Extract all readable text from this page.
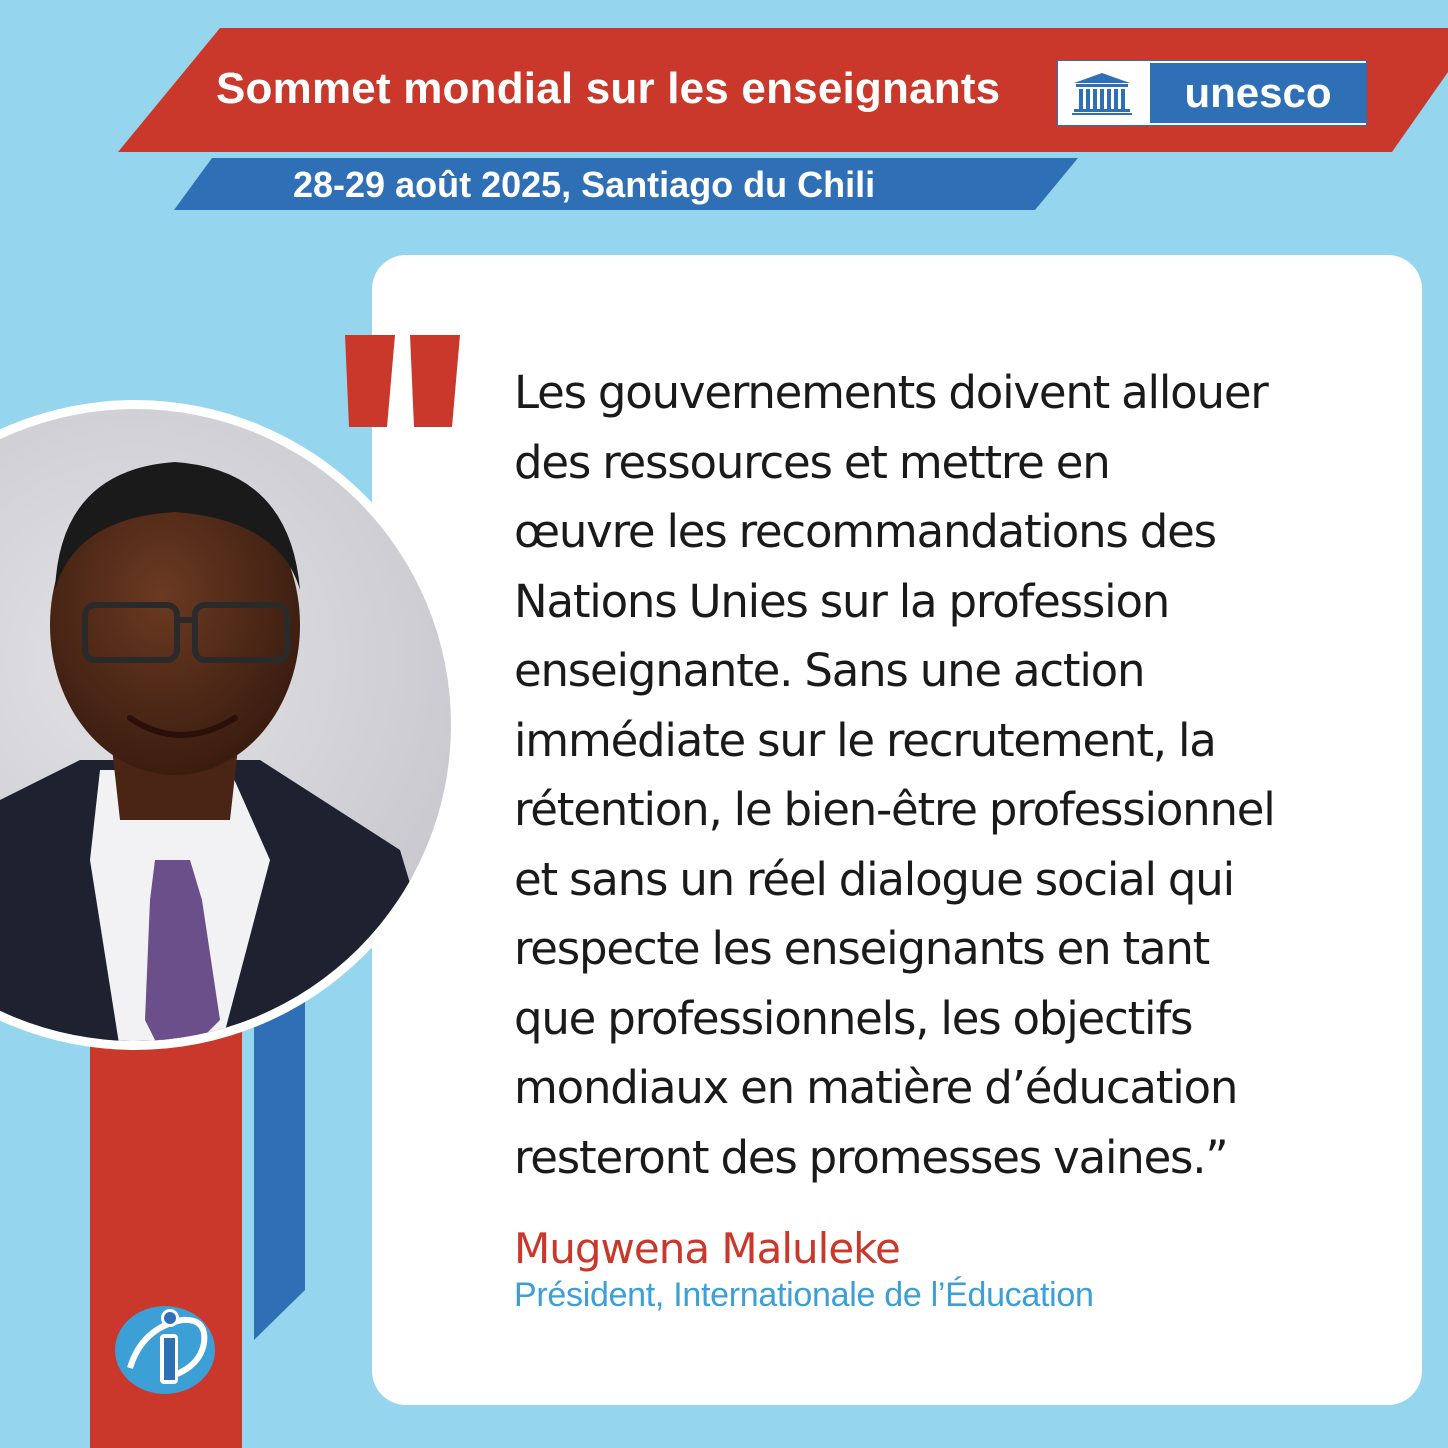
Sommet mondial sur les enseignants	unesco
28-29 août 2025, Santiago du Chili
Les gouvernements doivent allouer
des ressources et mettre en
œuvre les recommandations des
Nations Unies sur la profession
enseignante. Sans une action
immédiate sur le recrutement, la
rétention, le bien-être professionnel
et sans un réel dialogue social qui
respecte les enseignants en tant
que professionnels, les objectifs
mondiaux en matière d’éducation
resteront des promesses vaines.”
Mugwena Maluleke
Président, Internationale de l’Éducation
